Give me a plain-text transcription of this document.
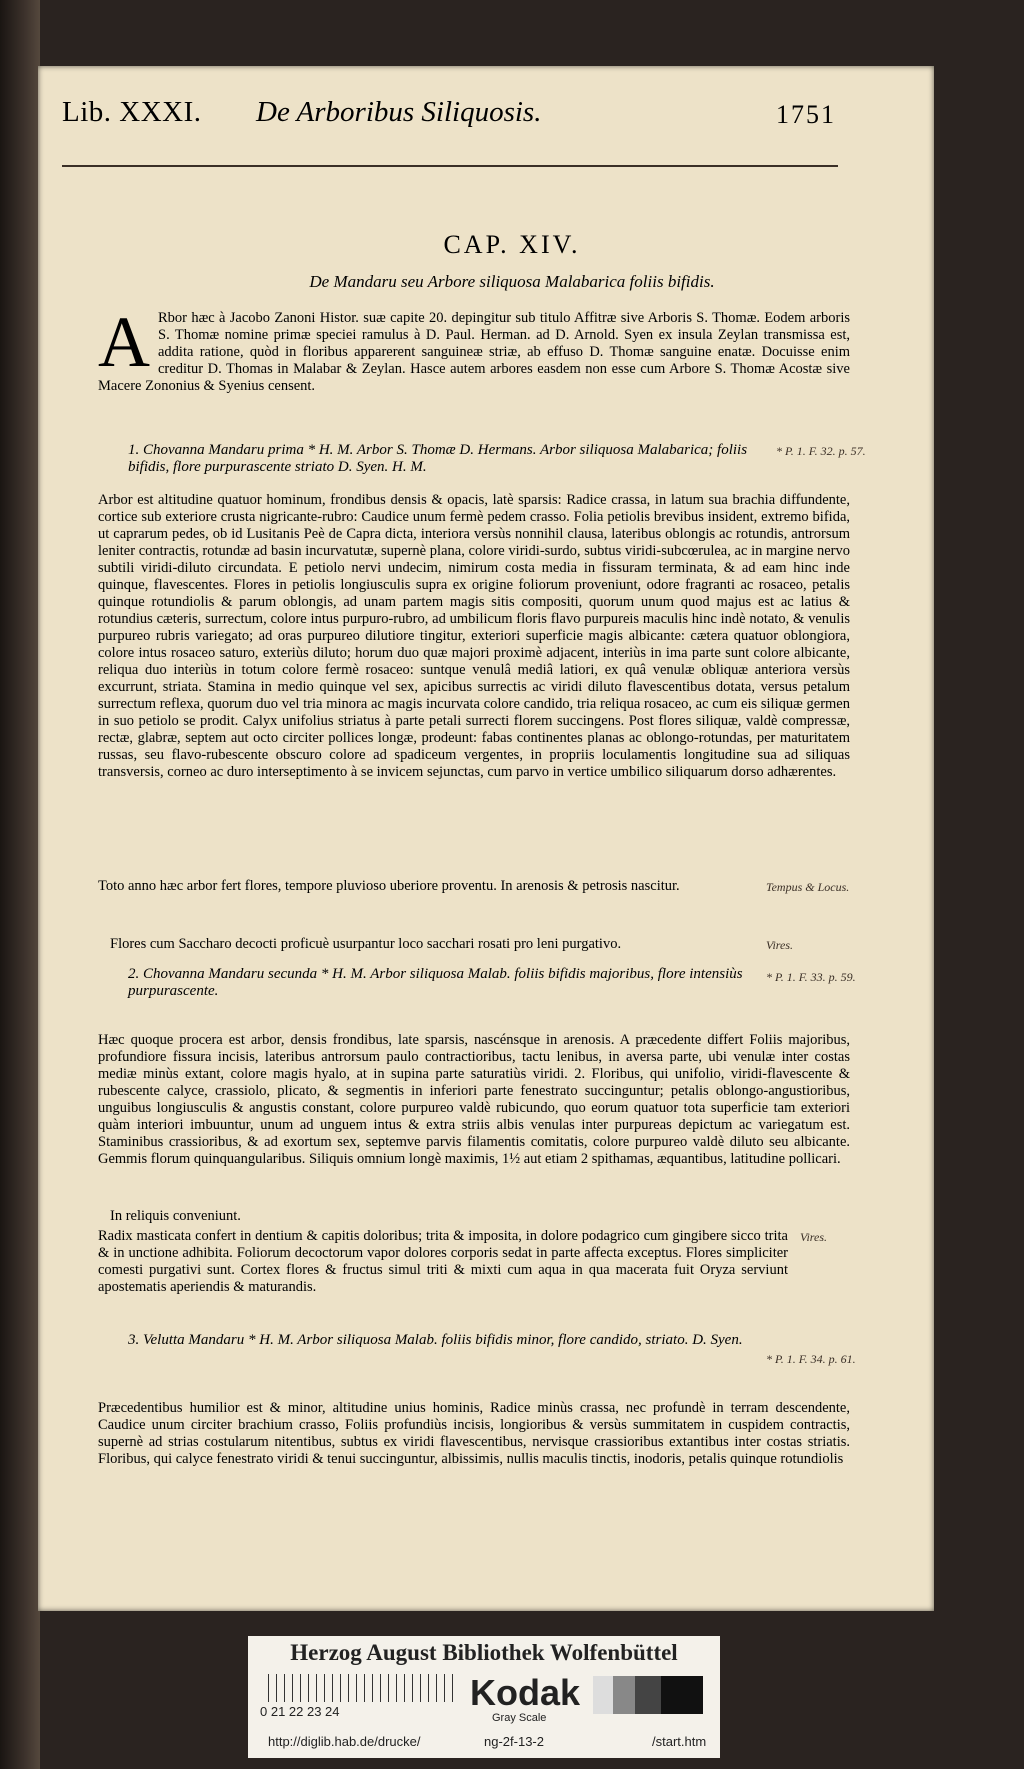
Lib. XXXI. De Arboribus Siliquosis.	1751
CAP. XIV.
De Mandaru seu Arbore siliquosa Malabarica foliis bifidis.
A Rbor hæc à Jacobo Zanoni Histor. suæ capite 20. depingitur sub titulo Affitræ sive Arboris S. Thomæ. Eodem arboris S. Thomæ nomine primæ speciei ramulus à D. Paul. Herman. ad D. Arnold. Syen ex insula Zeylan transmissa est, addita ratione, quòd in floribus apparerent sanguineæ striæ, ab effuso D. Thomæ sanguine enatæ. Docuisse enim creditur D. Thomas in Malabar & Zeylan. Hasce autem arbores easdem non esse cum Arbore S. Thomæ Acostæ sive Macere Zononius & Syenius censent.
1. Chovanna Mandaru prima * H. M. Arbor S. Thomæ D. Hermans. Arbor siliquosa Malabarica; foliis bifidis, flore purpurascente striato D. Syen. H. M.
* P. 1. F. 32. p. 57.
Arbor est altitudine quatuor hominum, frondibus densis & opacis, latè sparsis: Radice crassa, in latum sua brachia diffundente, cortice sub exteriore crusta nigricante-rubro: Caudice unum fermè pedem crasso. Folia petiolis brevibus insident, extremo bifida, ut caprarum pedes, ob id Lusitanis Peè de Capra dicta, interiora versùs nonnihil clausa, lateribus oblongis ac rotundis, antrorsum leniter contractis, rotundæ ad basin incurvatutæ, supernè plana, colore viridi-surdo, subtus viridi-subcœrulea, ac in margine nervo subtili viridi-diluto circundata. E petiolo nervi undecim, nimirum costa media in fissuram terminata, & ad eam hinc inde quinque, flavescentes. Flores in petiolis longiusculis supra ex origine foliorum proveniunt, odore fragranti ac rosaceo, petalis quinque rotundiolis & parum oblongis, ad unam partem magis sitis compositi, quorum unum quod majus est ac latius & rotundius cæteris, surrectum, colore intus purpuro-rubro, ad umbilicum floris flavo purpureis maculis hinc indè notato, & venulis purpureo rubris variegato; ad oras purpureo dilutiore tingitur, exteriori superficie magis albicante: cætera quatuor oblongiora, colore intus rosaceo saturo, exteriùs diluto; horum duo quæ majori proximè adjacent, interiùs in ima parte sunt colore albicante, reliqua duo interiùs in totum colore fermè rosaceo: suntque venulâ mediâ latiori, ex quâ venulæ obliquæ anteriora versùs excurrunt, striata. Stamina in medio quinque vel sex, apicibus surrectis ac viridi diluto flavescentibus dotata, versus petalum surrectum reflexa, quorum duo vel tria minora ac magis incurvata colore candido, tria reliqua rosaceo, ac cum eis siliquæ germen in suo petiolo se prodit. Calyx unifolius striatus à parte petali surrecti florem succingens. Post flores siliquæ, valdè compressæ, rectæ, glabræ, septem aut octo circiter pollices longæ, prodeunt: fabas continentes planas ac oblongo-rotundas, per maturitatem russas, seu flavo-rubescente obscuro colore ad spadiceum vergentes, in propriis loculamentis longitudine sua ad siliquas transversis, corneo ac duro interseptimento à se invicem sejunctas, cum parvo in vertice umbilico siliquarum dorso adhærentes.
Toto anno hæc arbor fert flores, tempore pluvioso uberiore proventu. In arenosis & petrosis nascitur.	Tempus & Locus.
Flores cum Saccharo decocti proficuè usurpantur loco sacchari rosati pro leni purgativo.	Vires.
2. Chovanna Mandaru secunda * H. M. Arbor siliquosa Malab. foliis bifidis majoribus, flore intensiùs purpurascente.
* P. 1. F. 33. p. 59.
Hæc quoque procera est arbor, densis frondibus, late sparsis, nascénsque in arenosis. A præcedente differt Foliis majoribus, profundiore fissura incisis, lateribus antrorsum paulo contractioribus, tactu lenibus, in aversa parte, ubi venulæ inter costas mediæ minùs extant, colore magis hyalo, at in supina parte saturatiùs viridi. 2. Floribus, qui unifolio, viridi-flavescente & rubescente calyce, crassiolo, plicato, & segmentis in inferiori parte fenestrato succinguntur; petalis oblongo-angustioribus, unguibus longiusculis & angustis constant, colore purpureo valdè rubicundo, quo eorum quatuor tota superficie tam exteriori quàm interiori imbuuntur, unum ad unguem intus & extra striis albis venulas inter purpureas depictum ac variegatum est. Staminibus crassioribus, & ad exortum sex, septemve parvis filamentis comitatis, colore purpureo valdè diluto seu albicante. Gemmis florum quinquangularibus. Siliquis omnium longè maximis, 1½ aut etiam 2 spithamas, æquantibus, latitudine pollicari.
In reliquis conveniunt.
Radix masticata confert in dentium & capitis doloribus; trita & imposita, in dolore podagrico cum gingibere sicco trita & in unctione adhibita. Foliorum decoctorum vapor dolores corporis sedat in parte affecta exceptus. Flores simpliciter comesti purgativi sunt. Cortex flores & fructus simul triti & mixti cum aqua in qua macerata fuit Oryza serviunt apostematis aperiendis & maturandis.
Vires.
3. Velutta Mandaru * H. M. Arbor siliquosa Malab. foliis bifidis minor, flore candido, striato. D. Syen.
* P. 1. F. 34. p. 61.
Præcedentibus humilior est & minor, altitudine unius hominis, Radice minùs crassa, nec profundè in terram descendente, Caudice unum circiter brachium crasso, Foliis profundiùs incisis, longioribus & versùs summitatem in cuspidem contractis, supernè ad strias costularum nitentibus, subtus ex viridi flavescentibus, nervisque crassioribus extantibus inter costas striatis. Floribus, qui calyce fenestrato viridi & tenui succinguntur, albissimis, nullis maculis tinctis, inodoris, petalis quinque rotundiolis
Herzog August Bibliothek Wolfenbüttel
0 21 22 23 24	Kodak
Gray Scale
http://diglib.hab.de/drucke/	ng-2f-13-2	/start.htm
